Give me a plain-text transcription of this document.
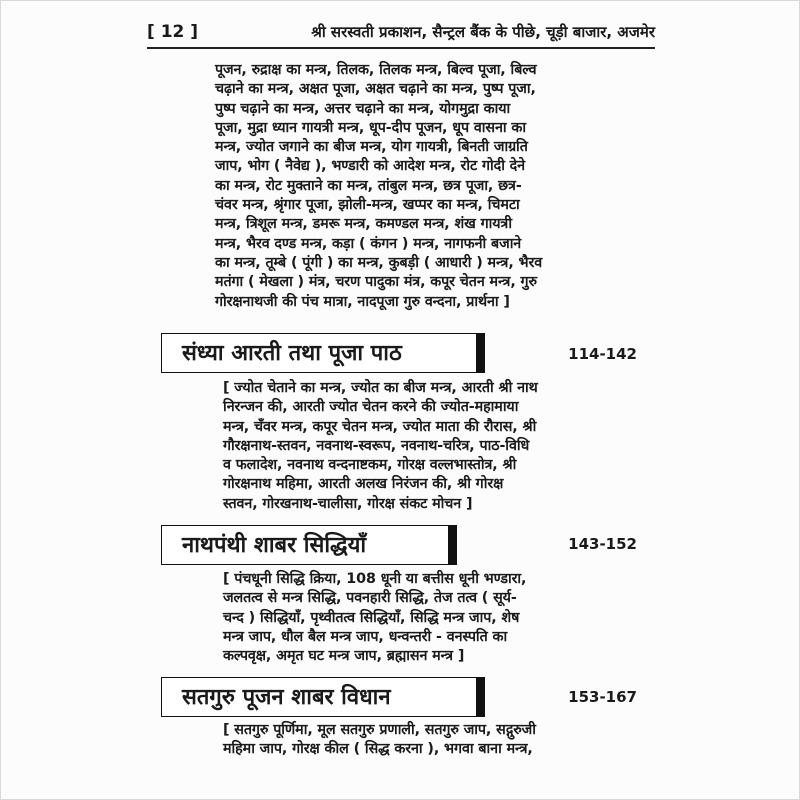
[ 12 ]	श्री सरस्वती प्रकाशन, सैन्ट्रल बैंक के पीछे, चूड़ी बाजार, अजमेर
पूजन, रुद्राक्ष का मन्त्र, तिलक, तिलक मन्त्र, बिल्व पूजा, बिल्व
चढ़ाने का मन्त्र, अक्षत पूजा, अक्षत चढ़ाने का मन्त्र, पुष्प पूजा,
पुष्प चढ़ाने का मन्त्र, अत्तर चढ़ाने का मन्त्र, योगमुद्रा काया
पूजा, मुद्रा ध्यान गायत्री मन्त्र, धूप-दीप पूजन, धूप वासना का
मन्त्र, ज्योत जगाने का बीज मन्त्र, योग गायत्री, बिनती जाग्रति
जाप, भोग ( नैवेद्य ), भण्डारी को आदेश मन्त्र, रोट गोदी देने
का मन्त्र, रोट मुक्ताने का मन्त्र, तांबुल मन्त्र, छत्र पूजा, छत्र-
चंवर मन्त्र, श्रृंगार पूजा, झोली-मन्त्र, खप्पर का मन्त्र, चिमटा
मन्त्र, त्रिशूल मन्त्र, डमरू मन्त्र, कमण्डल मन्त्र, शंख गायत्री
मन्त्र, भैरव दण्ड मन्त्र, कड़ा ( कंगन ) मन्त्र, नागफनी बजाने
का मन्त्र, तूम्बे ( पूंगी ) का मन्त्र, कुबड़ी ( आधारी ) मन्त्र, भैरव
मतंगा ( मेखला ) मंत्र, चरण पादुका मंत्र, कपूर चेतन मन्त्र, गुरु
गोरक्षनाथजी की पंच मात्रा, नादपूजा गुरु वन्दना, प्रार्थना ]
संध्या आरती तथा पूजा पाठ	114-142
[ ज्योत चेताने का मन्त्र, ज्योत का बीज मन्त्र, आरती श्री नाथ
निरन्जन की, आरती ज्योत चेतन करने की ज्योत-महामाया
मन्त्र, चँवर मन्त्र, कपूर चेतन मन्त्र, ज्योत माता की रौरास, श्री
गौरक्षनाथ-स्तवन, नवनाथ-स्वरूप, नवनाथ-चरित्र, पाठ-विधि
व फलादेश, नवनाथ वन्दनाष्टकम, गोरक्ष वल्लभास्तोत्र, श्री
गोरक्षनाथ महिमा, आरती अलख निरंजन की, श्री गोरक्ष
स्तवन, गोरखनाथ-चालीसा, गोरक्ष संकट मोचन ]
नाथपंथी शाबर सिद्धियाँ	143-152
[ पंचधूनी सिद्धि क्रिया, 108 धूनी या बत्तीस धूनी भण्डारा,
जलतत्व से मन्त्र सिद्धि, पवनहारी सिद्धि, तेज तत्व ( सूर्य-
चन्द ) सिद्धियाँ, पृथ्वीतत्व सिद्धियाँ, सिद्धि मन्त्र जाप, शेष
मन्त्र जाप, धौल बैल मन्त्र जाप, धन्वन्तरी - वनस्पति का
कल्पवृक्ष, अमृत घट मन्त्र जाप, ब्रह्मासन मन्त्र ]
सतगुरु पूजन शाबर विधान	153-167
[ सतगुरु पूर्णिमा, मूल सतगुरु प्रणाली, सतगुरु जाप, सद्गुरुजी
महिमा जाप, गोरक्ष कील ( सिद्ध करना ), भगवा बाना मन्त्र,
